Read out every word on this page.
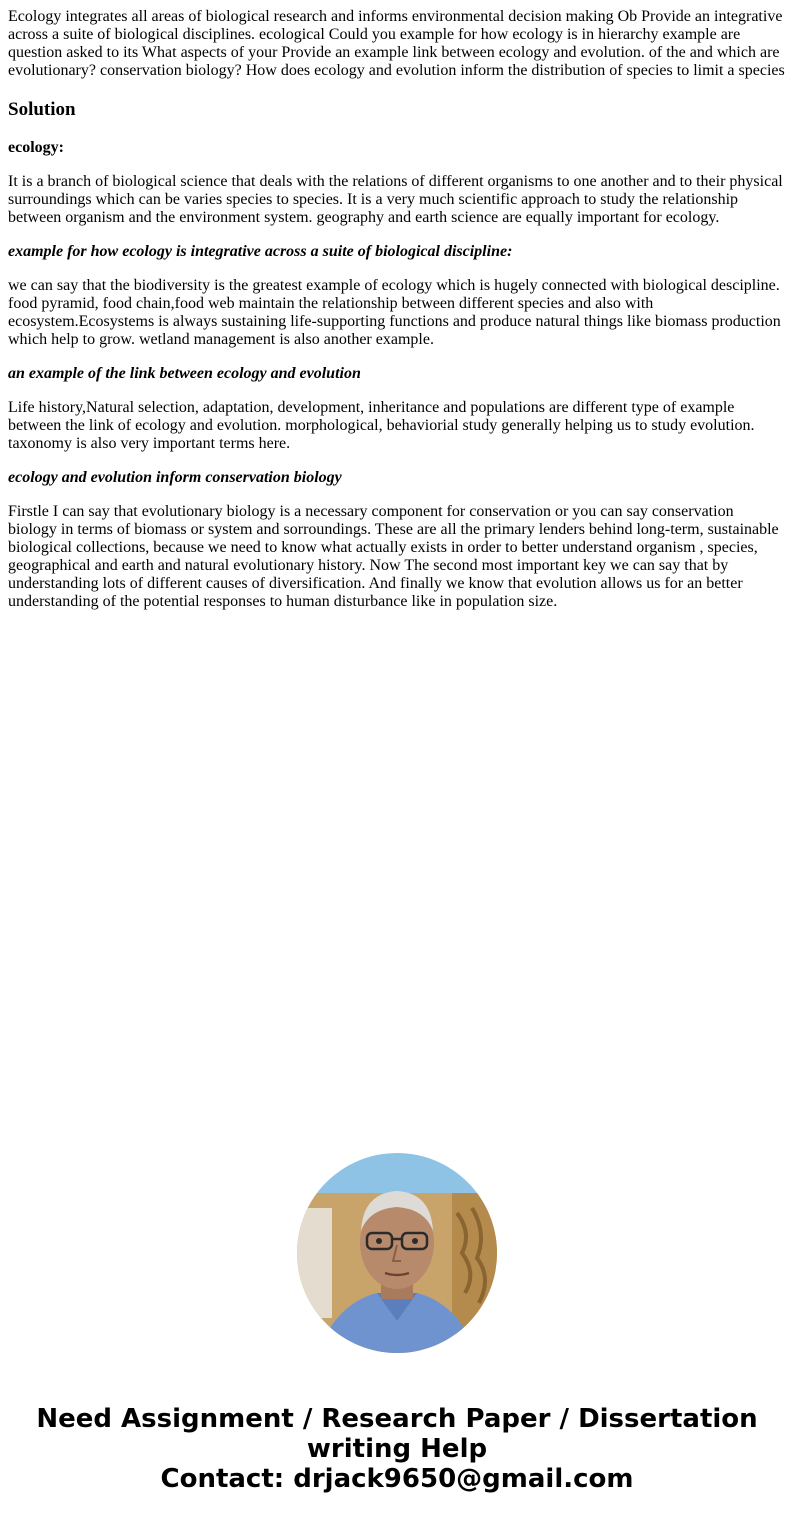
Ecology integrates all areas of biological research and informs environmental decision making Ob Provide an integrative across a suite of biological disciplines. ecological Could you example for how ecology is in hierarchy example are question asked to its What aspects of your Provide an example link between ecology and evolution. of the and which are evolutionary? conservation biology? How does ecology and evolution inform the distribution of species to limit a species

Solution

ecology:

It is a branch of biological science that deals with the relations of different organisms to one another and to their physical surroundings which can be varies species to species. It is a very much scientific approach to study the relationship between organism and the environment system. geography and earth science are equally important for ecology.

example for how ecology is integrative across a suite of biological discipline:

we can say that the biodiversity is the greatest example of ecology which is hugely connected with biological descipline. food pyramid, food chain,food web maintain the relationship between different species and also with ecosystem.Ecosystems is always sustaining life-supporting functions and produce natural things like biomass production which help to grow. wetland management is also another example.

an example of the link between ecology and evolution

Life history,Natural selection, adaptation, development, inheritance and populations are different type of example between the link of ecology and evolution. morphological, behaviorial study generally helping us to study evolution. taxonomy is also very important terms here.

ecology and evolution inform conservation biology

Firstle I can say that evolutionary biology is a necessary component for conservation or you can say conservation biology in terms of biomass or system and sorroundings. These are all the primary lenders behind long-term, sustainable biological collections, because we need to know what actually exists in order to better understand organism , species, geographical and earth and natural evolutionary history. Now The second most important key we can say that by understanding lots of different causes of diversification. And finally we know that evolution allows us for an better understanding of the potential responses to human disturbance like in population size.

Need Assignment / Research Paper / Dissertation
writing Help
Contact: drjack9650@gmail.com
